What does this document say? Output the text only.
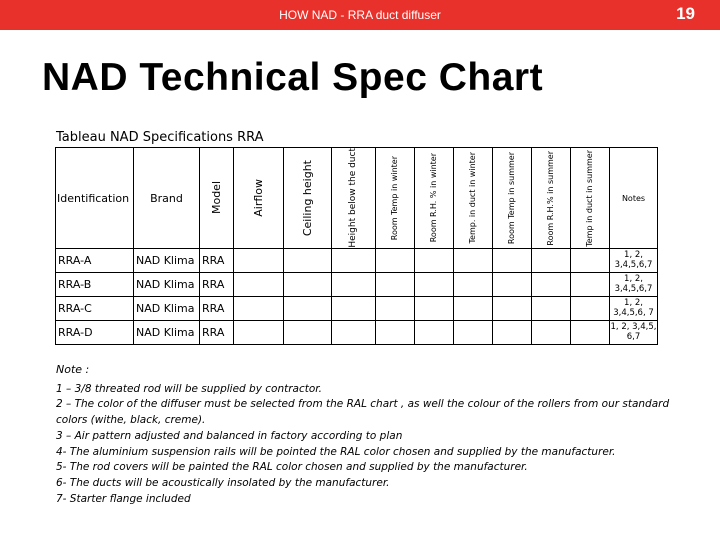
HOW NAD - RRA duct diffuser	19
NAD Technical Spec Chart
Tableau NAD Specifications RRA
Identification	Brand	Model	Airflow	Ceiling height	Height below the duct	Room Temp in winter	Room R.H. % in winter	Temp. in duct in winter	Room Temp in summer	Room R.H.% in summer	Temp in duct in summer	Notes
RRA-A	NAD Klima	RRA										1, 2, 3,4,5,6,7
RRA-B	NAD Klima	RRA										1, 2, 3,4,5,6,7
RRA-C	NAD Klima	RRA										1, 2, 3,4,5,6, 7
RRA-D	NAD Klima	RRA										1, 2, 3,4,5, 6,7
Note :
1 – 3/8 threated rod will be supplied by contractor.
2 – The color of the diffuser must be selected from the RAL chart , as well the colour of the rollers from our standard colors (withe, black, creme).
3 – Air pattern adjusted and balanced in factory according to plan
4- The aluminium suspension rails will be pointed the RAL color chosen and supplied by the manufacturer.
5- The rod covers will be painted the RAL color chosen and supplied by the manufacturer.
6- The ducts will be acoustically insolated by the manufacturer.
7- Starter flange included
